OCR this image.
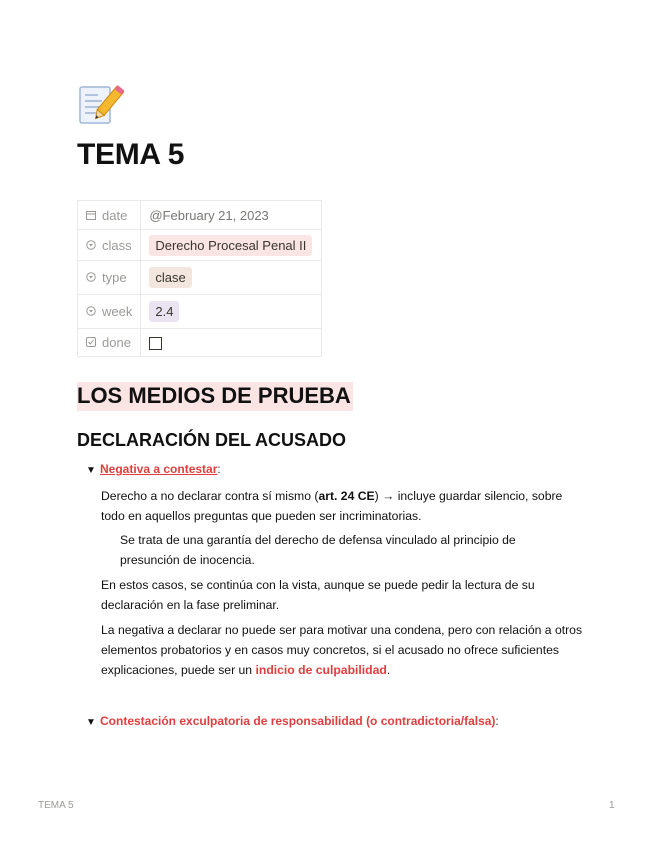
TEMA 5
date	@February 21, 2023
class	Derecho Procesal Penal II
type	clase
week	2.4
done	
LOS MEDIOS DE PRUEBA
DECLARACIÓN DEL ACUSADO
▼ Negativa a contestar:

Derecho a no declarar contra sí mismo (art. 24 CE) → incluye guardar silencio, sobre todo en aquellos preguntas que pueden ser incriminatorias.

Se trata de una garantía del derecho de defensa vinculado al principio de presunción de inocencia.

En estos casos, se continúa con la vista, aunque se puede pedir la lectura de su declaración en la fase preliminar.

La negativa a declarar no puede ser para motivar una condena, pero con relación a otros elementos probatorios y en casos muy concretos, si el acusado no ofrece suficientes explicaciones, puede ser un indicio de culpabilidad.

▼ Contestación exculpatoria de responsabilidad (o contradictoria/falsa):
TEMA 5	1
